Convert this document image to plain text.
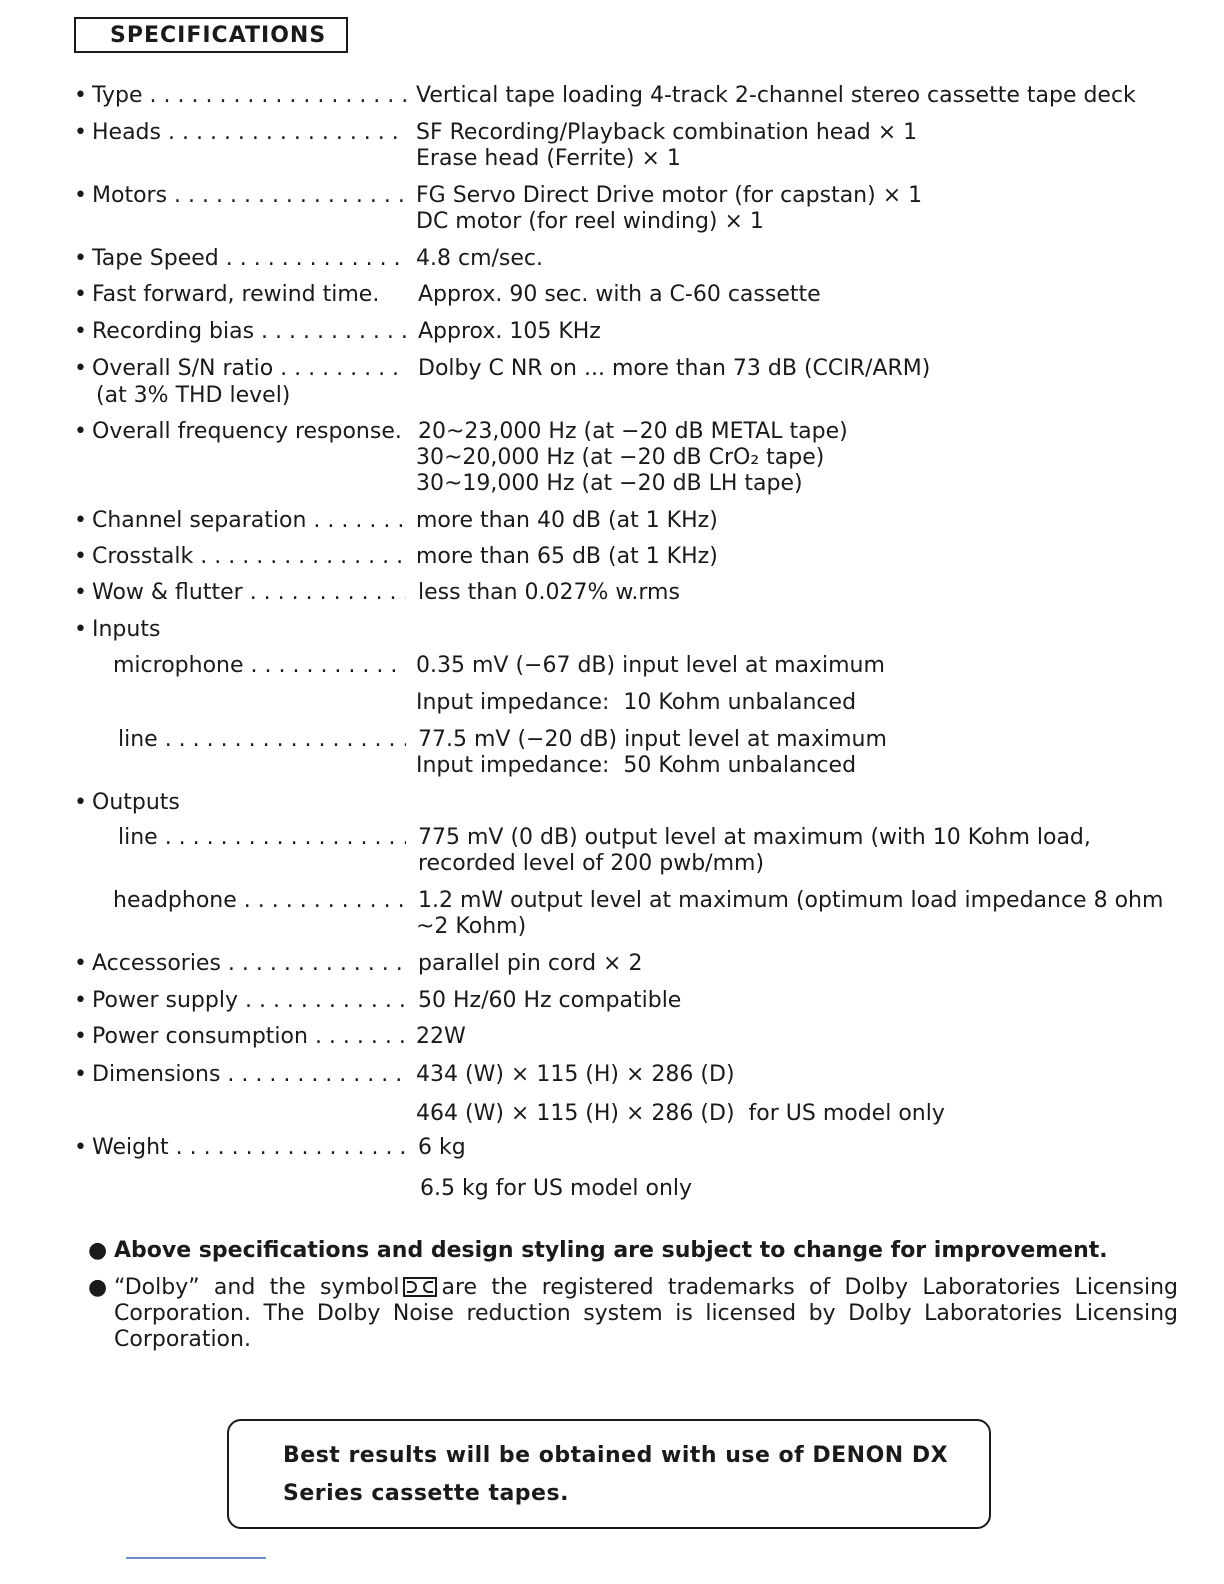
SPECIFICATIONS
• Type . . .	Vertical tape loading 4-track 2-channel stereo cassette tape deck
• Heads . . .	SF Recording/Playback combination head × 1
Erase head (Ferrite) × 1
• Motors . . .	FG Servo Direct Drive motor (for capstan) × 1
DC motor (for reel winding) × 1
• Tape Speed . . .	4.8 cm/sec.
• Fast forward, rewind time.	Approx. 90 sec. with a C-60 cassette
• Recording bias . . .	Approx. 105 KHz
• Overall S/N ratio . . .	Dolby C NR on ... more than 73 dB (CCIR/ARM)
(at 3% THD level)
• Overall frequency response. 20~23,000 Hz (at −20 dB METAL tape)
30~20,000 Hz (at −20 dB CrO₂ tape)
30~19,000 Hz (at −20 dB LH tape)
• Channel separation . . .	more than 40 dB (at 1 KHz)
• Crosstalk . . .	more than 65 dB (at 1 KHz)
• Wow & flutter . . .	less than 0.027% w.rms
• Inputs
microphone . . .	0.35 mV (−67 dB) input level at maximum
Input impedance:  10 Kohm unbalanced
line . . .	77.5 mV (−20 dB) input level at maximum
Input impedance:  50 Kohm unbalanced
• Outputs
line . . .	775 mV (0 dB) output level at maximum (with 10 Kohm load,
recorded level of 200 pwb/mm)
headphone . . .	1.2 mW output level at maximum (optimum load impedance 8 ohm
~2 Kohm)
• Accessories . . .	parallel pin cord × 2
• Power supply . . .	50 Hz/60 Hz compatible
• Power consumption . . .	22W
• Dimensions . . .	434 (W) × 115 (H) × 286 (D)
464 (W) × 115 (H) × 286 (D)  for US model only
• Weight . . .	6 kg
6.5 kg for US model only
● Above specifications and design styling are subject to change for improvement.
● “Dolby” and the symbol are the registered trademarks of Dolby Laboratories Licensing Corporation. The Dolby Noise reduction system is licensed by Dolby Laboratories Licensing Corporation.
Best results will be obtained with use of DENON DX
Series cassette tapes.
